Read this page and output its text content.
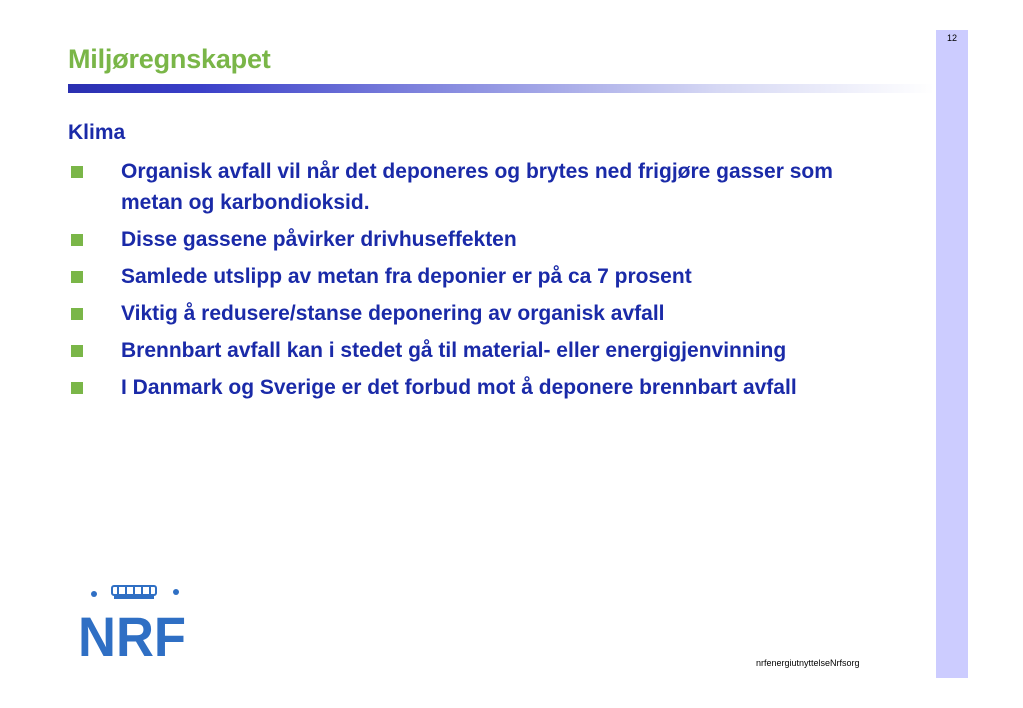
12
Miljøregnskapet
Klima
Organisk avfall vil når det deponeres og brytes ned frigjøre gasser som metan og karbondioksid.
Disse gassene påvirker drivhuseffekten
Samlede utslipp av metan fra deponier er på ca 7 prosent
Viktig å redusere/stanse deponering av organisk avfall
Brennbart avfall kan i stedet gå til material- eller energigjenvinning
I Danmark og Sverige er det forbud mot å deponere brennbart avfall
NRF	nrfenergiutnyttelseNrfsorg
